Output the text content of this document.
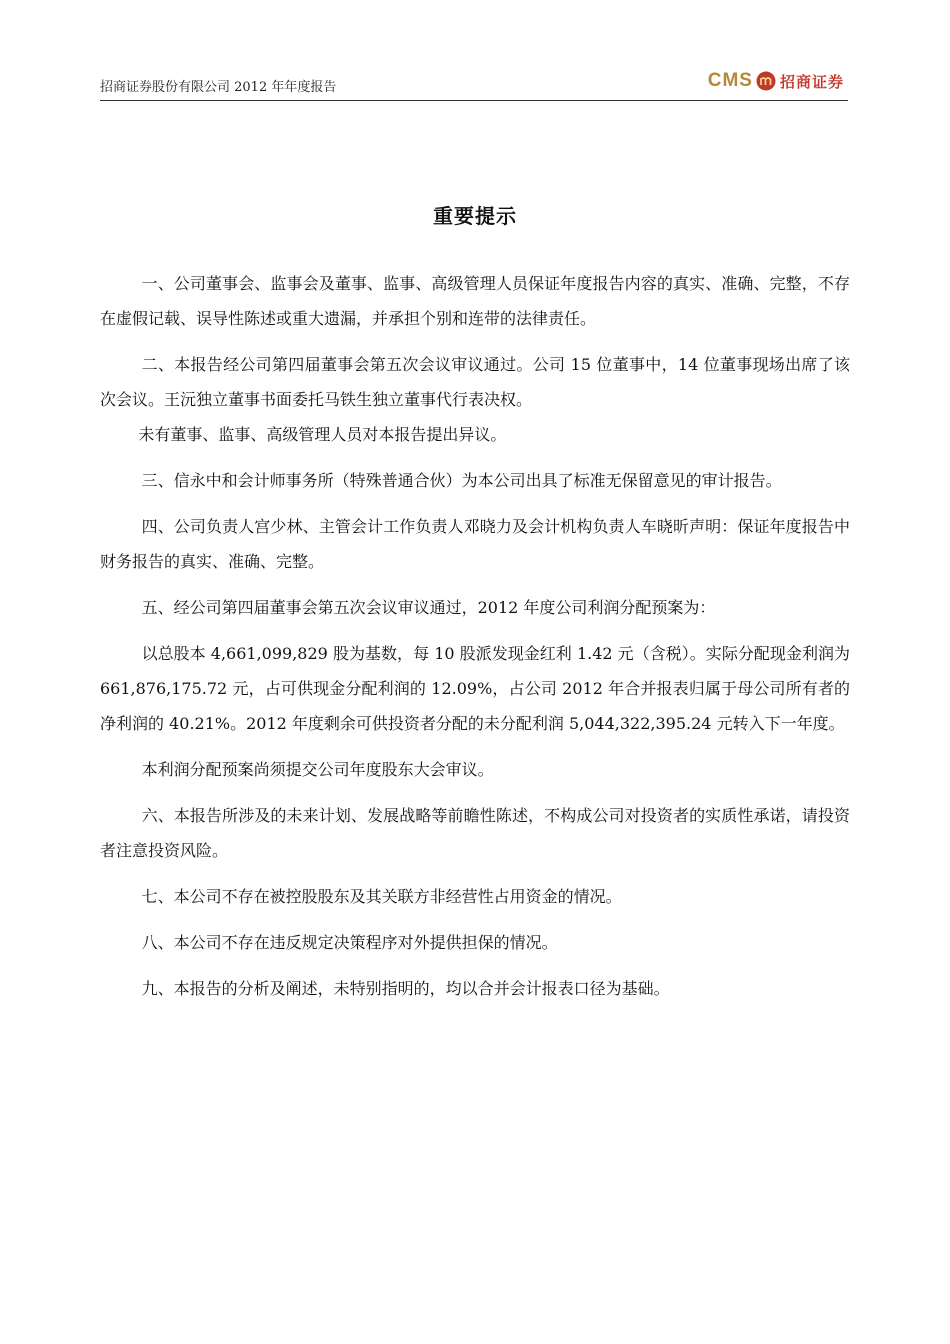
招商证券股份有限公司 2012 年年度报告	CMS 招商证券
重要提示

一、公司董事会、监事会及董事、监事、高级管理人员保证年度报告内容的真实、准确、完整，不存在虚假记载、误导性陈述或重大遗漏，并承担个别和连带的法律责任。

二、本报告经公司第四届董事会第五次会议审议通过。公司 15 位董事中，14 位董事现场出席了该次会议。王沅独立董事书面委托马铁生独立董事代行表决权。

未有董事、监事、高级管理人员对本报告提出异议。

三、信永中和会计师事务所（特殊普通合伙）为本公司出具了标准无保留意见的审计报告。

四、公司负责人宫少林、主管会计工作负责人邓晓力及会计机构负责人车晓昕声明：保证年度报告中财务报告的真实、准确、完整。

五、经公司第四届董事会第五次会议审议通过，2012 年度公司利润分配预案为：

以总股本 4,661,099,829 股为基数，每 10 股派发现金红利 1.42 元（含税）。实际分配现金利润为 661,876,175.72 元，占可供现金分配利润的 12.09%，占公司 2012 年合并报表归属于母公司所有者的净利润的 40.21%。2012 年度剩余可供投资者分配的未分配利润 5,044,322,395.24 元转入下一年度。

本利润分配预案尚须提交公司年度股东大会审议。

六、本报告所涉及的未来计划、发展战略等前瞻性陈述，不构成公司对投资者的实质性承诺，请投资者注意投资风险。

七、本公司不存在被控股股东及其关联方非经营性占用资金的情况。

八、本公司不存在违反规定决策程序对外提供担保的情况。

九、本报告的分析及阐述，未特别指明的，均以合并会计报表口径为基础。
